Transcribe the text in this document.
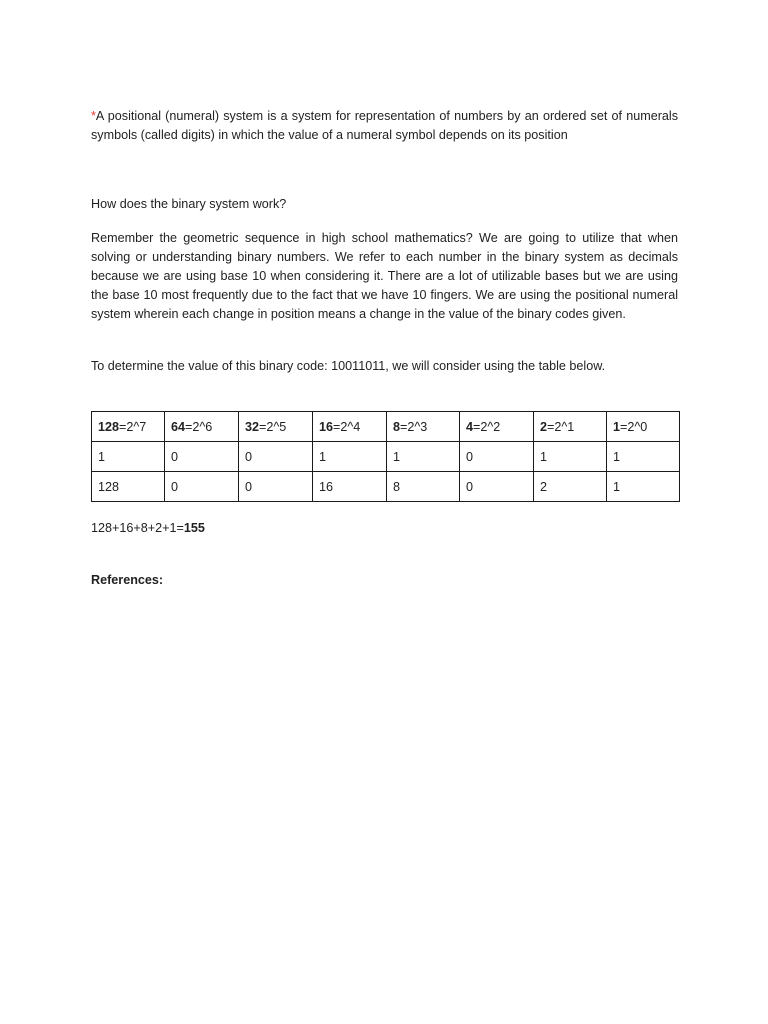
*A positional (numeral) system is a system for representation of numbers by an ordered set of numerals symbols (called digits) in which the value of a numeral symbol depends on its position

How does the binary system work?

Remember the geometric sequence in high school mathematics? We are going to utilize that when solving or understanding binary numbers. We refer to each number in the binary system as decimals because we are using base 10 when considering it. There are a lot of utilizable bases but we are using the base 10 most frequently due to the fact that we have 10 fingers. We are using the positional numeral system wherein each change in position means a change in the value of the binary codes given.

To determine the value of this binary code: 10011011, we will consider using the table below.

128=2^7	64=2^6	32=2^5	16=2^4	8=2^3	4=2^2	2=2^1	1=2^0
1	0	0	1	1	0	1	1
128	0	0	16	8	0	2	1

128+16+8+2+1=155

References:
